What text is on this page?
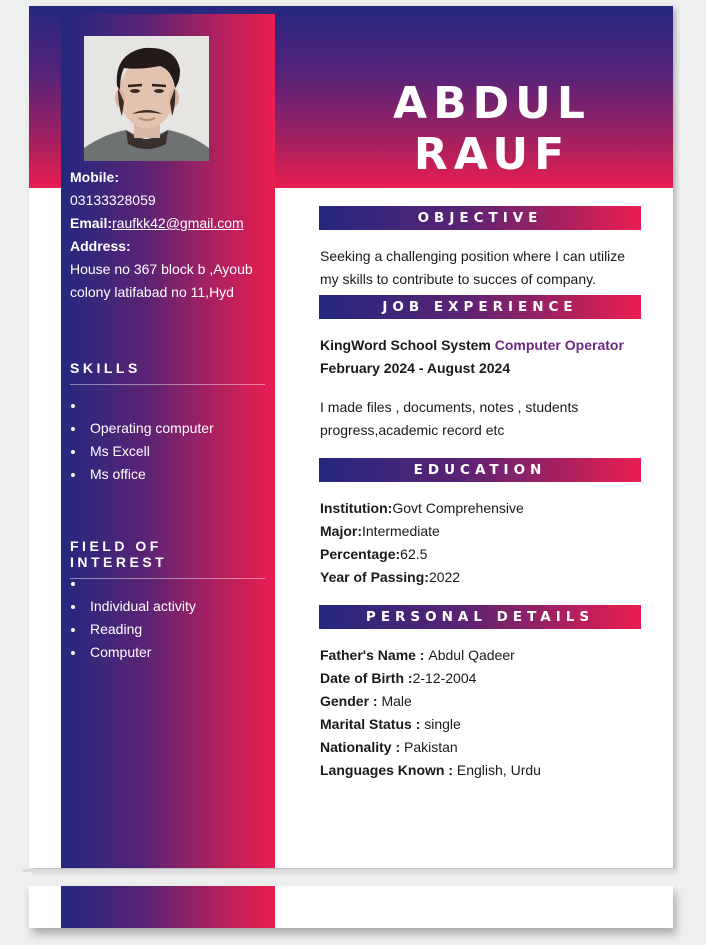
ABDUL RAUF
Mobile:
03133328059
Email:raufkk42@gmail.com
Address:
House no 367 block b ,Ayoub colony latifabad no 11,Hyd
SKILLS
Operating computer
Ms Excell
Ms office
FIELD OF INTEREST
Individual activity
Reading
Computer
OBJECTIVE
Seeking a challenging position where I can utilize my skills to contribute to succes of company.
JOB EXPERIENCE
KingWord School System Computer Operator
February 2024 - August 2024
I made files , documents, notes , students progress,academic record etc
EDUCATION
Institution:Govt Comprehensive
Major:Intermediate
Percentage:62.5
Year of Passing:2022
PERSONAL DETAILS
Father's Name : Abdul Qadeer
Date of Birth :2-12-2004
Gender : Male
Marital Status : single
Nationality : Pakistan
Languages Known : English, Urdu
